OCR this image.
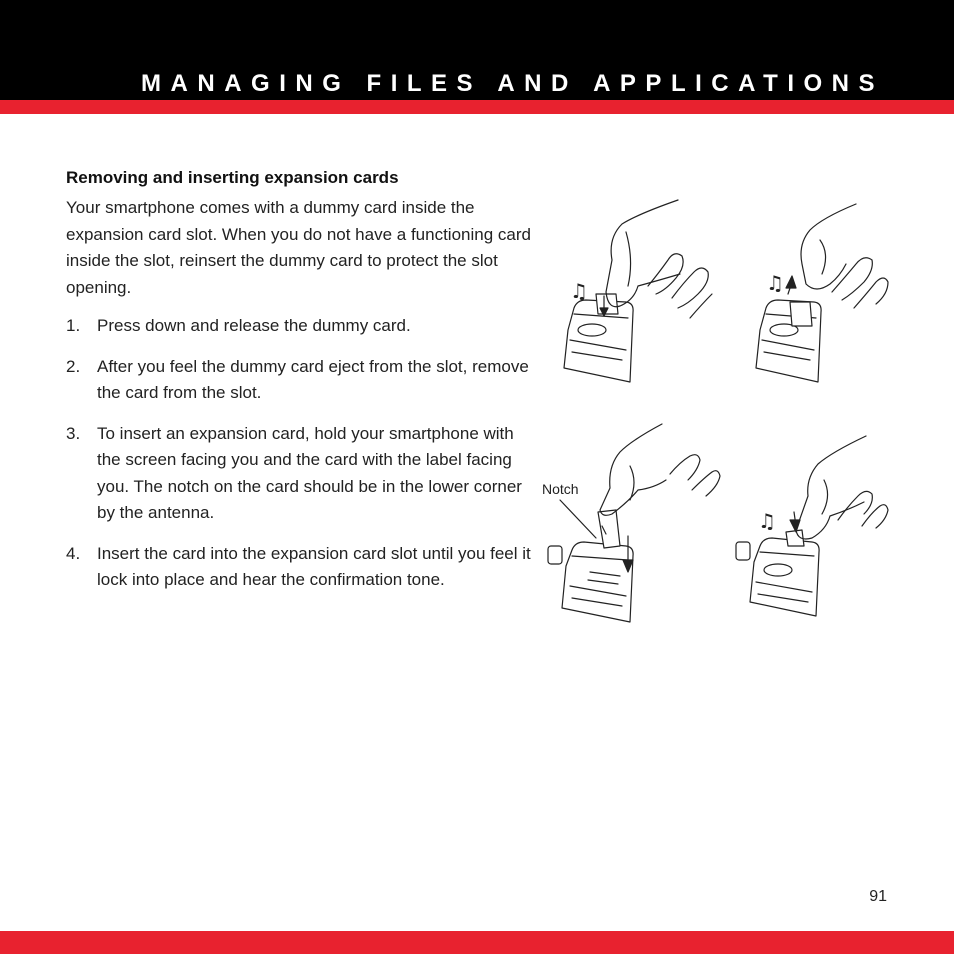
MANAGING FILES AND APPLICATIONS
Removing and inserting expansion cards

Your smartphone comes with a dummy card inside the expansion card slot. When you do not have a functioning card inside the slot, reinsert the dummy card to protect the slot opening.

1. Press down and release the dummy card.
2. After you feel the dummy card eject from the slot, remove the card from the slot.
3. To insert an expansion card, hold your smartphone with the screen facing you and the card with the label facing you. The notch on the card should be in the lower corner by the antenna.
4. Insert the card into the expansion card slot until you feel it lock into place and hear the confirmation tone.
♫	♫
♫
Notch
91
